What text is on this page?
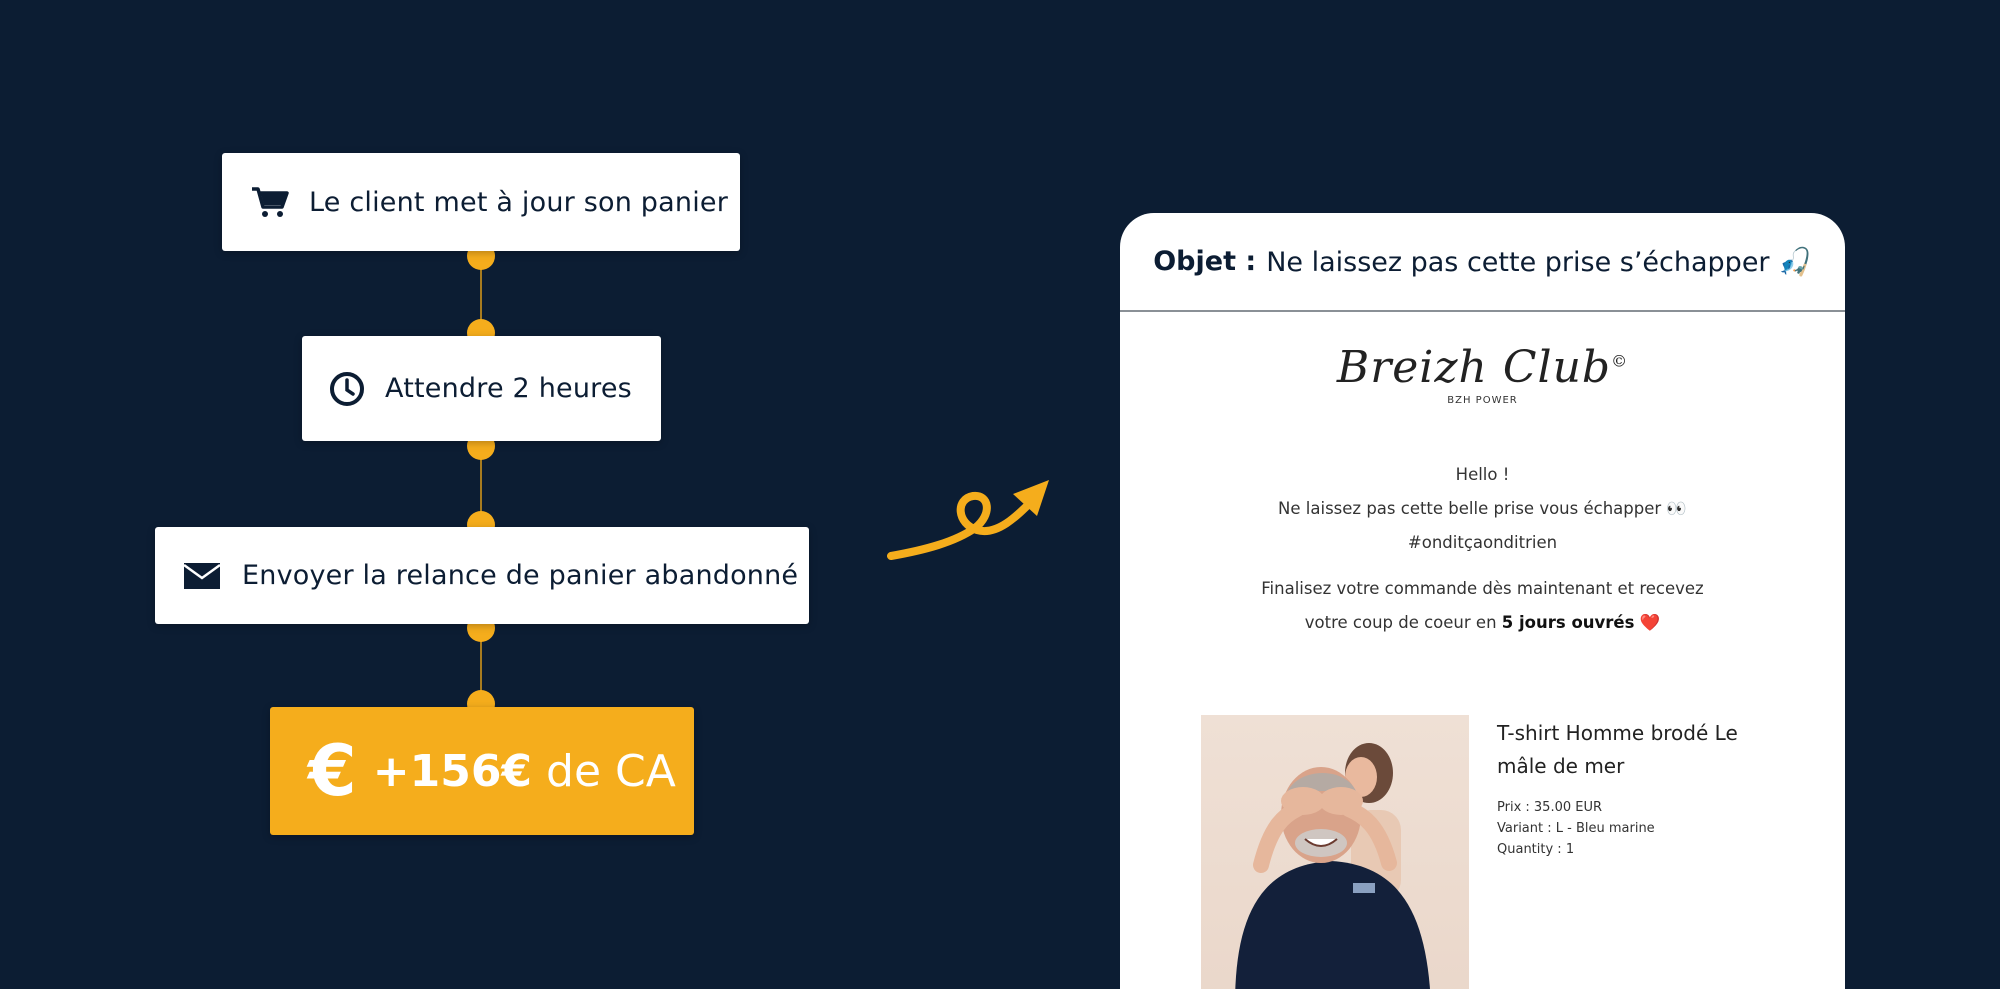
Le client met à jour son panier
Attendre 2 heures
Envoyer la relance de panier abandonné
€ +156€ de CA
Objet : Ne laissez pas cette prise s’échapper 🎣
Breizh Club©
BZH POWER
Hello !
Ne laissez pas cette belle prise vous échapper 👀
#onditçaonditrien
Finalisez votre commande dès maintenant et recevez
votre coup de coeur en 5 jours ouvrés ❤️
T-shirt Homme brodé Le mâle de mer
Prix : 35.00 EUR
Variant : L - Bleu marine
Quantity : 1
